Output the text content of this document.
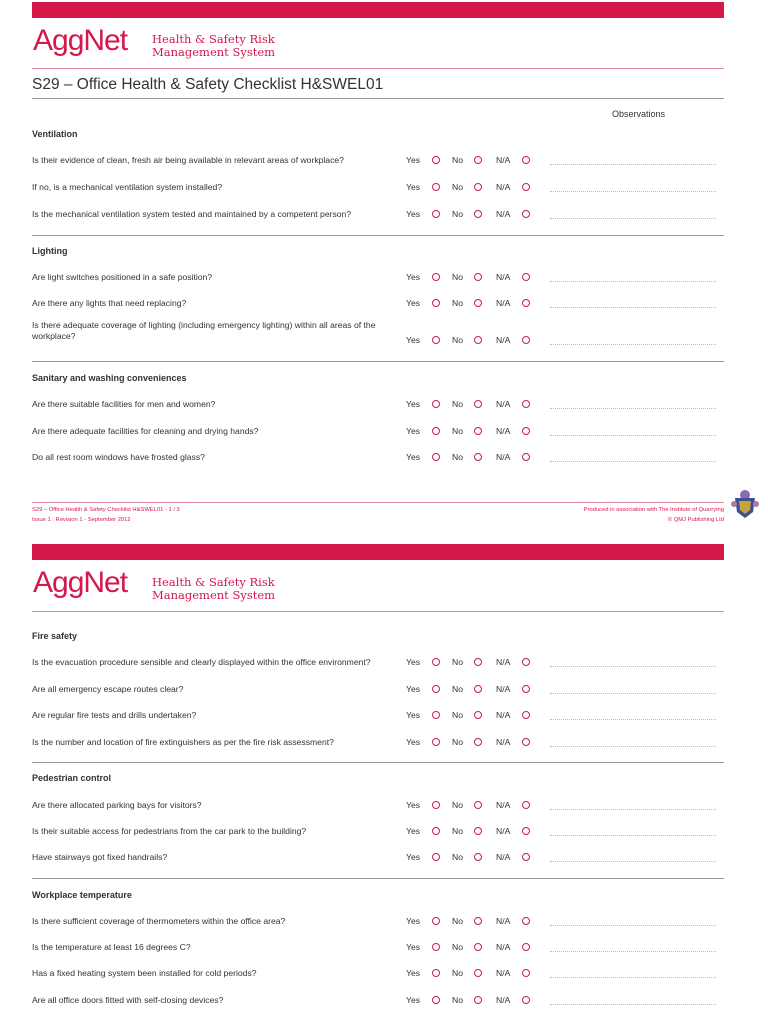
AggNet Health & Safety Risk
Management System
S29 – Office Health & Safety Checklist H&SWEL01
Observations
Ventilation
Is their evidence of clean, fresh air being available in relevant areas of workplace?	Yes	No	N/A
If no, is a mechanical ventilation system installed?	Yes	No	N/A
Is the mechanical ventilation system tested and maintained by a competent person?	Yes	No	N/A
Lighting
Are light switches positioned in a safe position?	Yes	No	N/A
Are there any lights that need replacing?	Yes	No	N/A
Is there adequate coverage of lighting (including emergency lighting) within all areas of the workplace?	Yes	No	N/A
Sanitary and washing conveniences
Are there suitable facilities for men and women?	Yes	No	N/A
Are there adequate facilities for cleaning and drying hands?	Yes	No	N/A
Do all rest room windows have frosted glass?	Yes	No	N/A
S29 – Office Health & Safety Checklist H&SWEL01 - 1 / 3
Issue 1 : Revision 1 - September 2012
Produced in association with The Institute of Quarrying
© QMJ Publishing Ltd
AggNet Health & Safety Risk
Management System
Fire safety
Is the evacuation procedure sensible and clearly displayed within the office environment?	Yes	No	N/A
Are all emergency escape routes clear?	Yes	No	N/A
Are regular fire tests and drills undertaken?	Yes	No	N/A
Is the number and location of fire extinguishers as per the fire risk assessment?	Yes	No	N/A
Pedestrian control
Are there allocated parking bays for visitors?	Yes	No	N/A
Is their suitable access for pedestrians from the car park to the building?	Yes	No	N/A
Have stairways got fixed handrails?	Yes	No	N/A
Workplace temperature
Is there sufficient coverage of thermometers within the office area?	Yes	No	N/A
Is the temperature at least 16 degrees C?	Yes	No	N/A
Has a fixed heating system been installed for cold periods?	Yes	No	N/A
Are all office doors fitted with self-closing devices?	Yes	No	N/A
